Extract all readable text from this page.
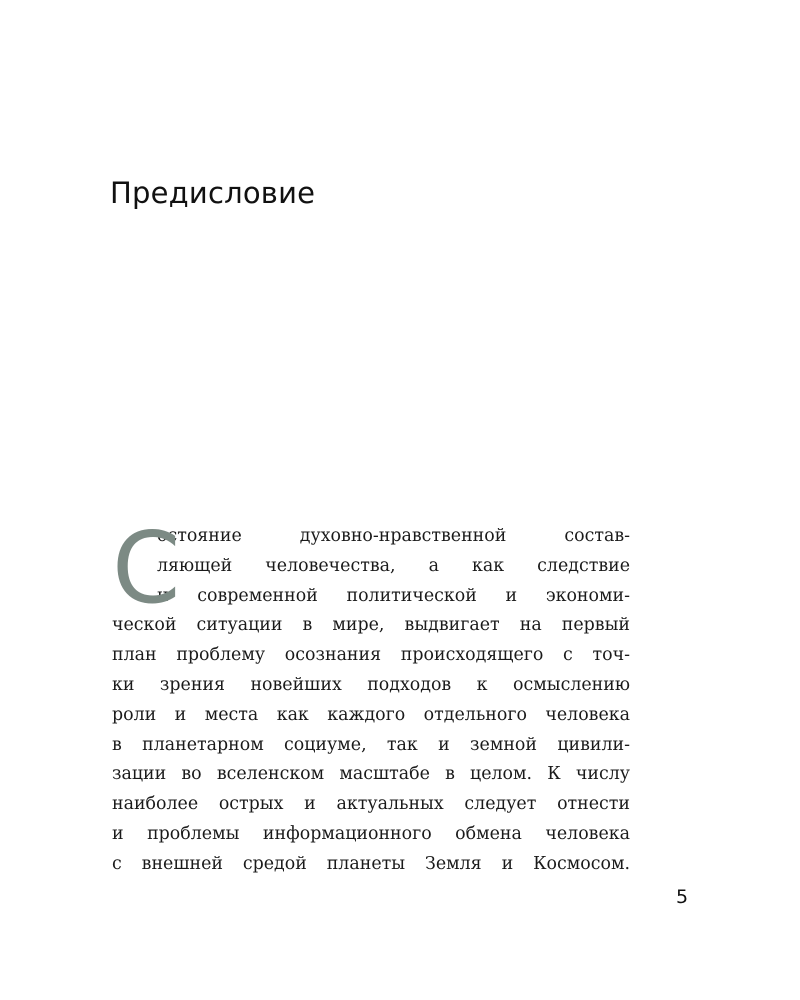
Предисловие
С
остояние духовно-нравственной состав-
ляющей человечества, а как следствие
и современной политической и экономи-
ческой ситуации в мире, выдвигает на первый
план проблему осознания происходящего с точ-
ки зрения новейших подходов к осмыслению
роли и места как каждого отдельного человека
в планетарном социуме, так и земной цивили-
зации во вселенском масштабе в целом. К числу
наиболее острых и актуальных следует отнести
и проблемы информационного обмена человека
с внешней средой планеты Земля и Космосом.
5
